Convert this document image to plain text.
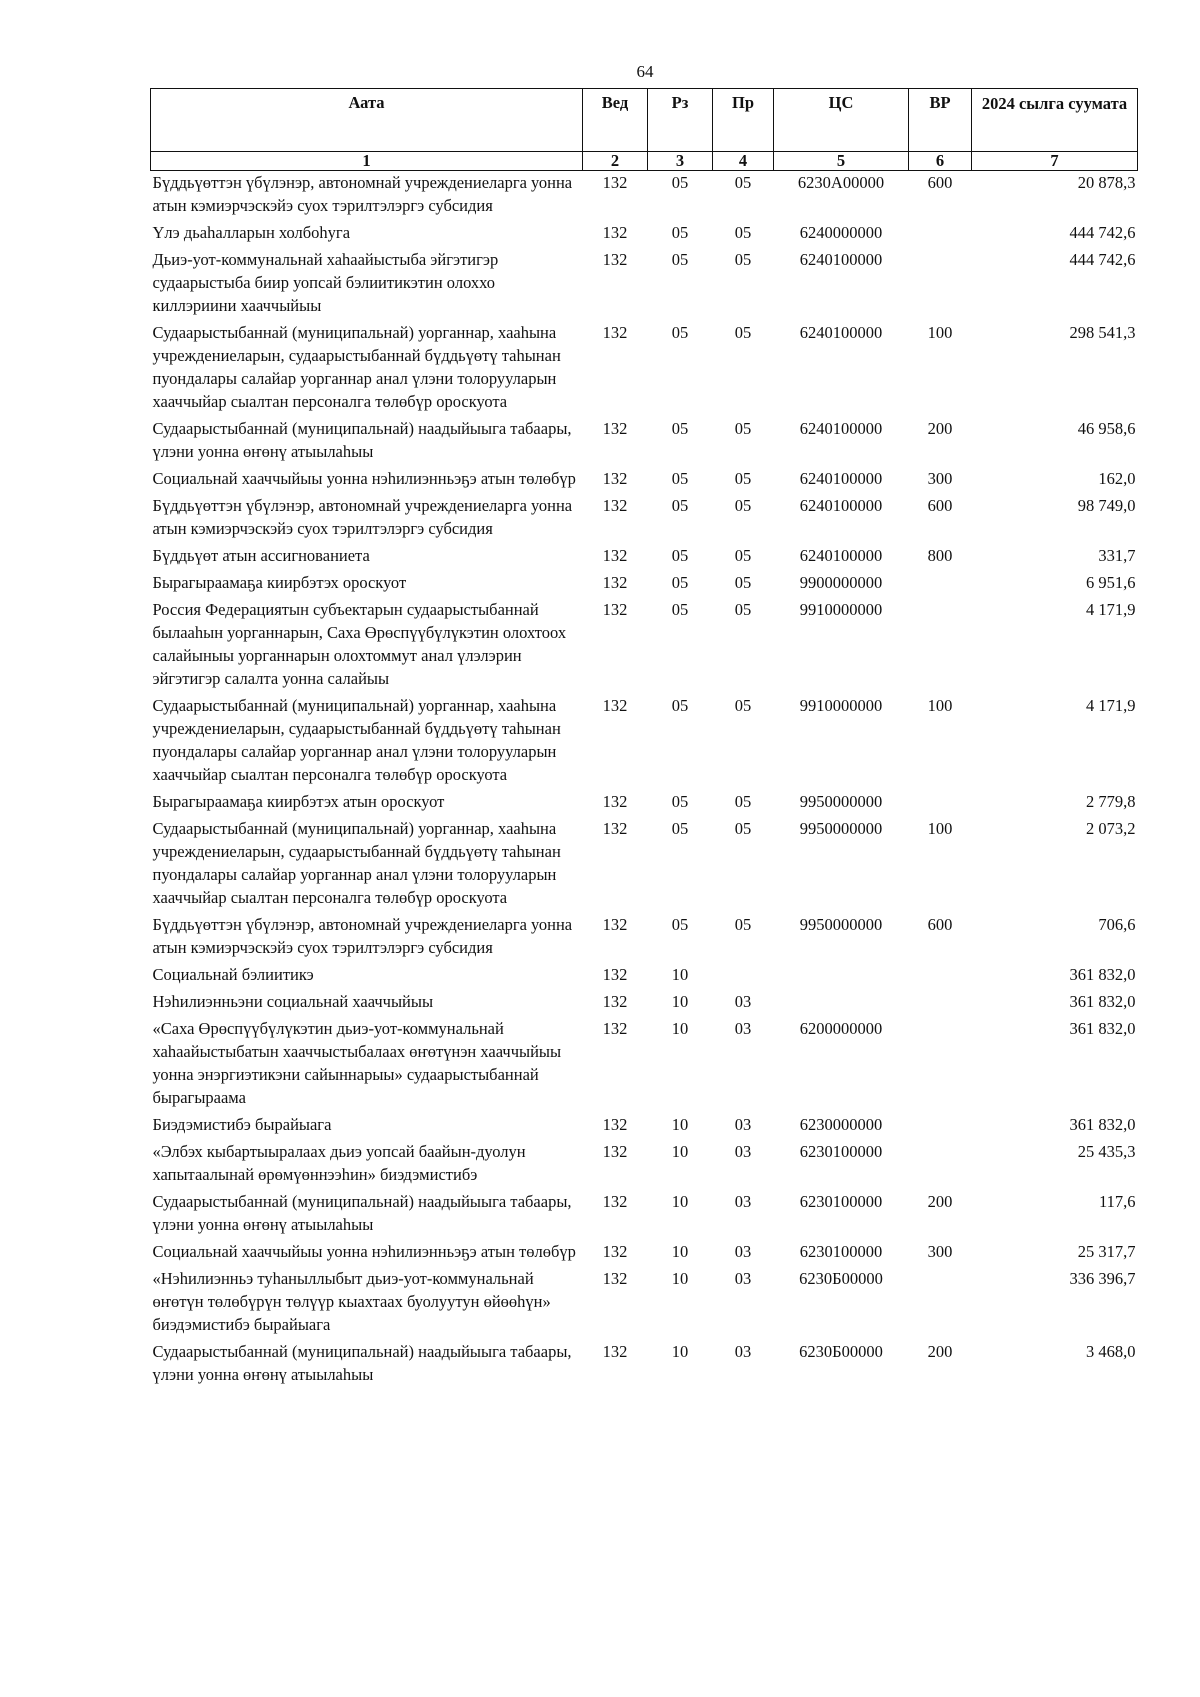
64
Аата	Вед	Рз	Пр	ЦС	ВР	2024 сылга суумата
1	2	3	4	5	6	7
Бүддьүөттэн үбүлэнэр, автономнай учреждениеларга уонна атын кэмиэрчэскэйэ суох тэрилтэлэргэ субсидия	132	05	05	6230А00000	600	20 878,3
Үлэ дьаһалларын холбоһуга	132	05	05	6240000000		444 742,6
Дьиэ-уот-коммунальнай хаһаайыстыба эйгэтигэр судаарыстыба биир уопсай бэлиитикэтин олоххо киллэриини хааччыйыы	132	05	05	6240100000		444 742,6
Судаарыстыбаннай (муниципальнай) уорганнар, хааһына учреждениеларын, судаарыстыбаннай бүддьүөтү таһынан пуондалары салайар уорганнар анал үлэни толорууларын хааччыйар сыалтан персоналга төлөбүр ороскуота	132	05	05	6240100000	100	298 541,3
Судаарыстыбаннай (муниципальнай) наадыйыыга табаары, үлэни уонна өҥөнү атыылаһыы	132	05	05	6240100000	200	46 958,6
Социальнай хааччыйыы уонна нэһилиэнньэҕэ атын төлөбүр	132	05	05	6240100000	300	162,0
Бүддьүөттэн үбүлэнэр, автономнай учреждениеларга уонна атын кэмиэрчэскэйэ суох тэрилтэлэргэ субсидия	132	05	05	6240100000	600	98 749,0
Бүддьүөт атын ассигнованиета	132	05	05	6240100000	800	331,7
Бырагыраамаҕа киирбэтэх ороскуот	132	05	05	9900000000		6 951,6
Россия Федерациятын субъектарын судаарыстыбаннай былааһын уорганнарын, Саха Өрөспүүбүлүкэтин олохтоох салайыныы уорганнарын олохтоммут анал үлэлэрин эйгэтигэр салалта уонна салайыы	132	05	05	9910000000		4 171,9
Судаарыстыбаннай (муниципальнай) уорганнар, хааһына учреждениеларын, судаарыстыбаннай бүддьүөтү таһынан пуондалары салайар уорганнар анал үлэни толорууларын хааччыйар сыалтан персоналга төлөбүр ороскуота	132	05	05	9910000000	100	4 171,9
Бырагыраамаҕа киирбэтэх атын ороскуот	132	05	05	9950000000		2 779,8
Судаарыстыбаннай (муниципальнай) уорганнар, хааһына учреждениеларын, судаарыстыбаннай бүддьүөтү таһынан пуондалары салайар уорганнар анал үлэни толорууларын хааччыйар сыалтан персоналга төлөбүр ороскуота	132	05	05	9950000000	100	2 073,2
Бүддьүөттэн үбүлэнэр, автономнай учреждениеларга уонна атын кэмиэрчэскэйэ суох тэрилтэлэргэ субсидия	132	05	05	9950000000	600	706,6
Социальнай бэлиитикэ	132	10				361 832,0
Нэһилиэнньэни социальнай хааччыйыы	132	10	03			361 832,0
«Саха Өрөспүүбүлүкэтин дьиэ-уот-коммунальнай хаһаайыстыбатын хааччыстыбалаах өҥөтүнэн хааччыйыы уонна энэргиэтикэни сайыннарыы» судаарыстыбаннай бырагыраама	132	10	03	6200000000		361 832,0
Биэдэмистибэ бырайыага	132	10	03	6230000000		361 832,0
«Элбэх кыбартыыралаах дьиэ уопсай баайын-дуолун хапытаалынай өрөмүөннээһин» биэдэмистибэ	132	10	03	6230100000		25 435,3
Судаарыстыбаннай (муниципальнай) наадыйыыга табаары, үлэни уонна өҥөнү атыылаһыы	132	10	03	6230100000	200	117,6
Социальнай хааччыйыы уонна нэһилиэнньэҕэ атын төлөбүр	132	10	03	6230100000	300	25 317,7
«Нэһилиэнньэ туһаныллыбыт дьиэ-уот-коммунальнай өҥөтүн төлөбүрүн төлүүр кыахтаах буолуутун өйөөһүн» биэдэмистибэ бырайыага	132	10	03	6230Б00000		336 396,7
Судаарыстыбаннай (муниципальнай) наадыйыыга табаары, үлэни уонна өҥөнү атыылаһыы	132	10	03	6230Б00000	200	3 468,0
